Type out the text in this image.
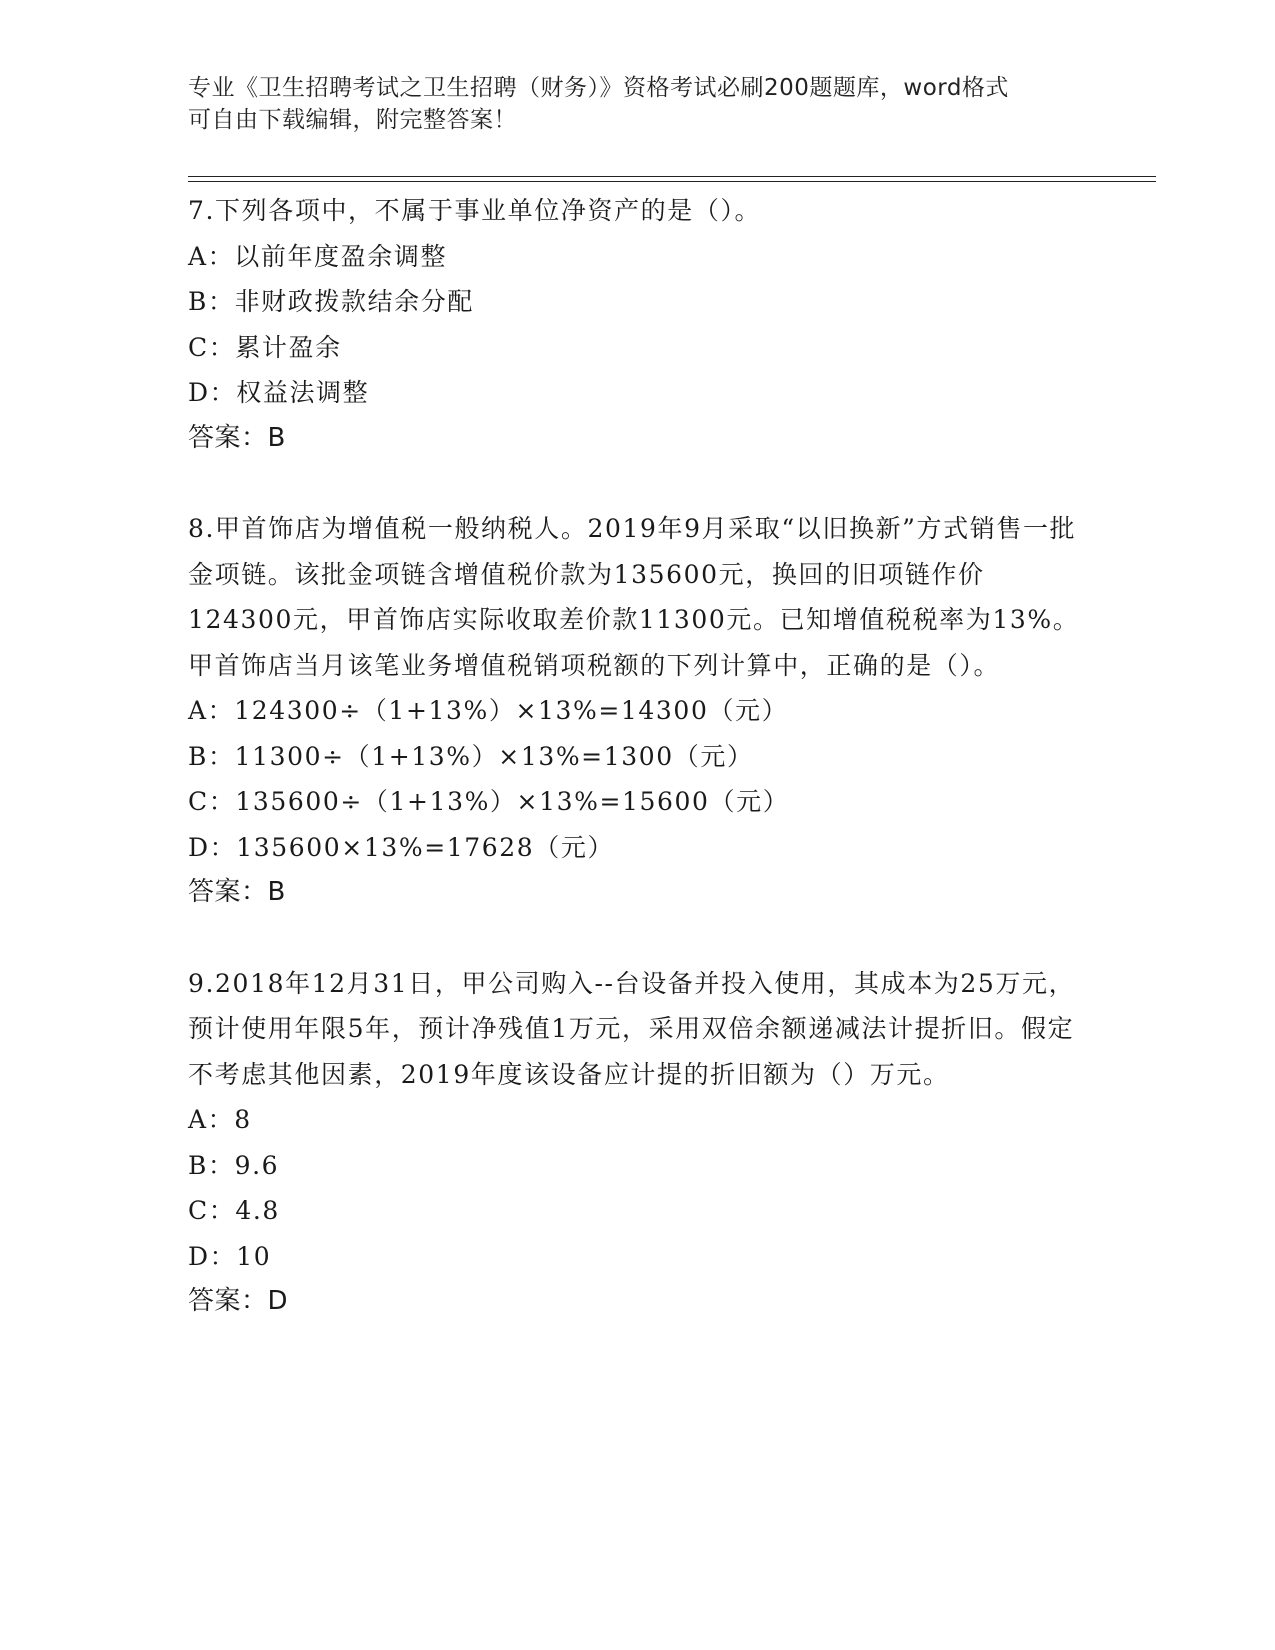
专业《卫生招聘考试之卫生招聘（财务）》资格考试必刷200题题库，word格式
可自由下载编辑，附完整答案！

7.下列各项中，不属于事业单位净资产的是（）。

A：以前年度盈余调整

B：非财政拨款结余分配

C：累计盈余

D：权益法调整

答案：B

8.甲首饰店为增值税一般纳税人。2019年9月采取“以旧换新”方式销售一批金项链。该批金项链含增值税价款为135600元，换回的旧项链作价124300元，甲首饰店实际收取差价款11300元。已知增值税税率为13%。甲首饰店当月该笔业务增值税销项税额的下列计算中，正确的是（）。

A：124300÷（1+13%）×13%=14300（元）

B：11300÷（1+13%）×13%=1300（元）

C：135600÷（1+13%）×13%=15600（元）

D：135600×13%=17628（元）

答案：B

9.2018年12月31日，甲公司购入--台设备并投入使用，其成本为25万元，预计使用年限5年，预计净残值1万元，采用双倍余额递减法计提折旧。假定不考虑其他因素，2019年度该设备应计提的折旧额为（）万元。

A：8

B：9.6

C：4.8

D：10

答案：D
